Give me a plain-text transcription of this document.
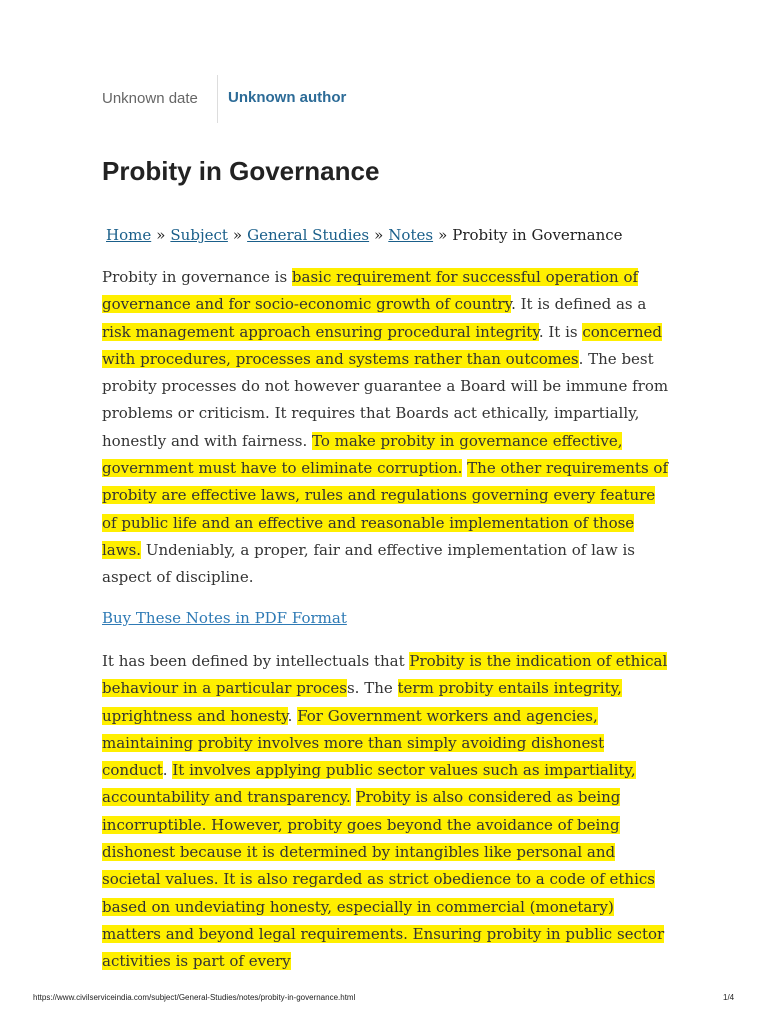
Unknown date Unknown author
Probity in Governance
Home » Subject » General Studies » Notes » Probity in Governance

Probity in governance is basic requirement for successful operation of governance and for socio-economic growth of country. It is defined as a risk management approach ensuring procedural integrity. It is concerned with procedures, processes and systems rather than outcomes. The best probity processes do not however guarantee a Board will be immune from problems or criticism. It requires that Boards act ethically, impartially, honestly and with fairness. To make probity in governance effective, government must have to eliminate corruption. The other requirements of probity are effective laws, rules and regulations governing every feature of public life and an effective and reasonable implementation of those laws. Undeniably, a proper, fair and effective implementation of law is aspect of discipline.

Buy These Notes in PDF Format

It has been defined by intellectuals that Probity is the indication of ethical behaviour in a particular process. The term probity entails integrity, uprightness and honesty. For Government workers and agencies, maintaining probity involves more than simply avoiding dishonest conduct. It involves applying public sector values such as impartiality, accountability and transparency. Probity is also considered as being incorruptible. However, probity goes beyond the avoidance of being dishonest because it is determined by intangibles like personal and societal values. It is also regarded as strict obedience to a code of ethics based on undeviating honesty, especially in commercial (monetary) matters and beyond legal requirements. Ensuring probity in public sector activities is part of every

https://www.civilserviceindia.com/subject/General-Studies/notes/probity-in-governance.html	1/4
